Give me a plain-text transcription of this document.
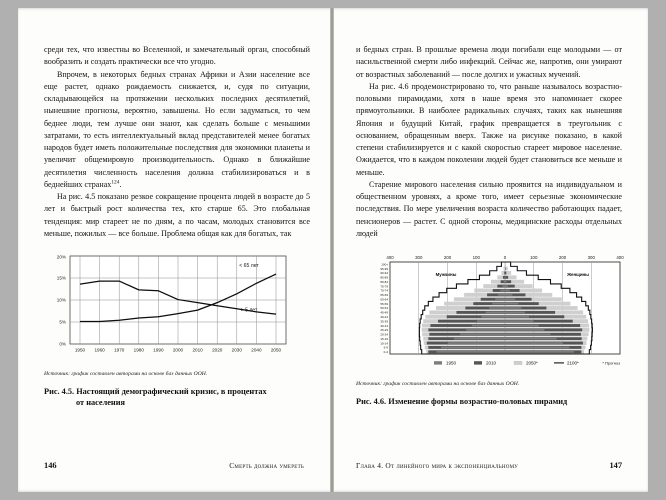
среди тех, что известны во Вселенной, и замечательный орган, способный вообразить и создать практически все что угодно.

Впрочем, в некоторых бедных странах Африки и Азии население все еще растет, однако рождаемость снижается, и, судя по ситуации, складывающейся на протяжении нескольких последних десятилетий, нынешние прогнозы, вероятно, завышены. Но если задуматься, то чем беднее люди, тем лучше они знают, как сделать больше с меньшими затратами, то есть интеллектуальный вклад представителей менее богатых народов будет иметь положительные последствия для экономики планеты и увеличит общемировую производительность. Однако в ближайшие десятилетия численность населения должна стабилизироваться и в беднейших странах$^{124}$.

На рис. 4.5 показано резкое сокращение процента людей в возрасте до 5 лет и быстрый рост количества тех, кто старше 65. Это глобальная тенденция: мир стареет не по дням, а по часам, молодых становится все меньше, пожилых — все больше. Проблема общая как для богатых, так

0%
5%
10%
15%
20%
1950 1960 1970 1980 1990 2000 2010 2020 2030 2040 2050
< 65 лет
> 5 лет
Источник: график составлен авторами на основе баз данных ООН.
Рис. 4.5. Настоящий демографический кризис, в процентах
от населения
146	Смерть должна умереть

и бедных стран. В прошлые времена люди погибали еще молодыми — от насильственной смерти либо инфекций. Сейчас же, напротив, они умирают от возрастных заболеваний — после долгих и ужасных мучений.

На рис. 4.6 продемонстрировано то, что раньше называлось возрастно-половыми пирамидами, хотя в наше время это напоминает скорее прямоугольники. В наиболее радикальных случаях, таких как нынешняя Япония и будущий Китай, график превращается в треугольник с основанием, обращенным вверх. Также на рисунке показано, в какой степени стабилизируется и с какой скоростью стареет мировое население. Ожидается, что в каждом поколении людей будет становиться все меньше и меньше.

Старение мирового населения сильно проявится на индивидуальном и общественном уровнях, а кроме того, имеет серьезные экономические последствия. По мере увеличения возраста количество работающих падает, пенсионеров — растет. С одной стороны, медицинские расходы отдельных людей

400	300	200	100	0	100	200	300	400
100+
95-99
90-94
85-89
80-84
75-79
70-74
65-69
60-64
55-59
50-54
45-49
40-44
35-39
30-34
25-29
20-24
15-19
10-14
5-9
0-4
Мужчины	Женщины
1950	2010	2050*	2100*	* Прогноз
Источник: график составлен авторами на основе баз данных ООН.
Рис. 4.6. Изменение формы возрастно-половых пирамид
Глава 4. От линейного мира к экспоненциальному	147
